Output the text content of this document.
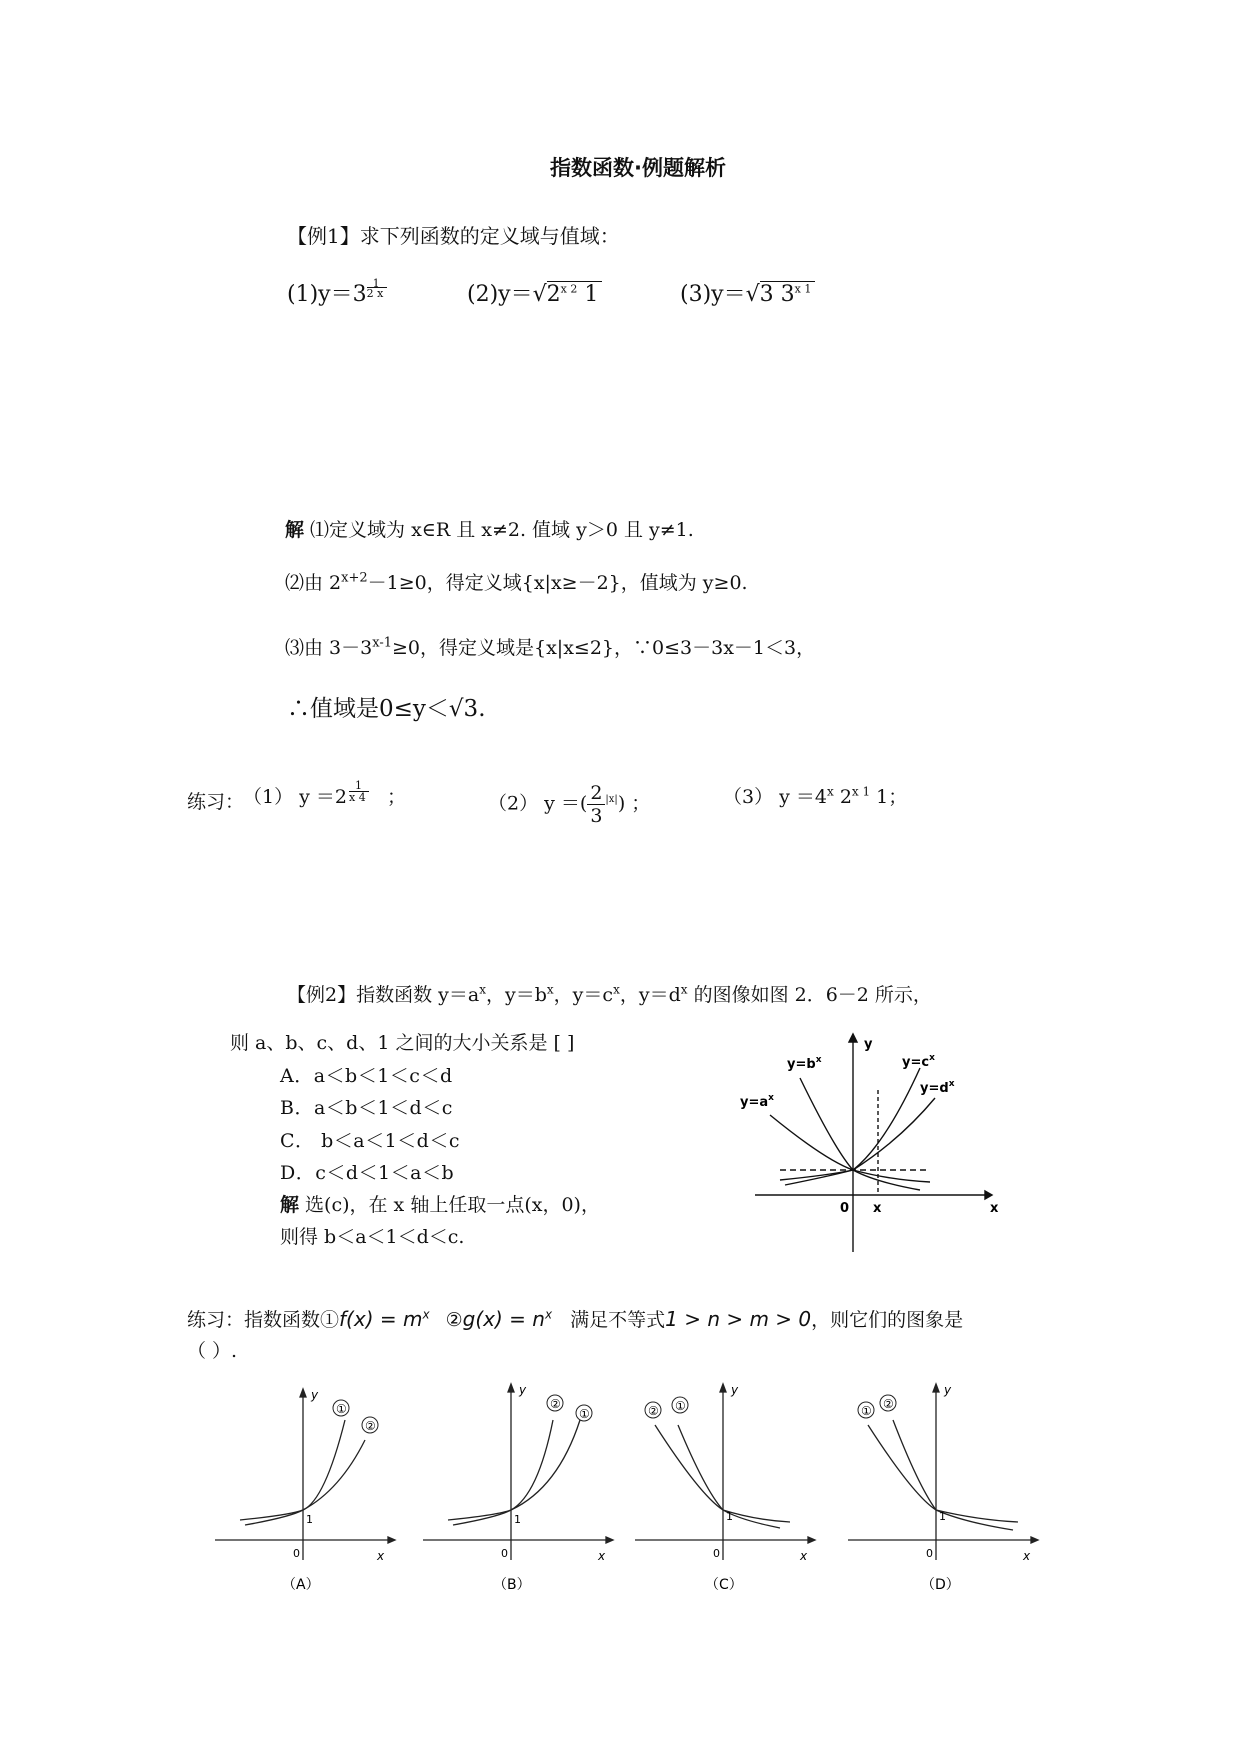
指数函数·例题解析
【例1】求下列函数的定义域与值域：
(1)y＝3
$\frac{1}{2 x}$
$(2)y=√2^{x 2}$ 1	(3)y＝√3 $3^{x 1}$
解 ⑴定义域为 x∈R 且 x≠2. 值域 y＞0 且 y≠1.
⑵由 $2^{x+2}-1\ge 0$，得定义域{x|x≥－2}，值域为 y≥0.
⑶由 $3-3^{x-1}\ge 0$，得定义域是{x|x≤2}，∵0≤3－3x－1＜3，
∴值域是0≤y＜√3.
练习：
（1） y ＝2
$\frac{1}{x 4}$
；	（2） y ＝( $\frac{2}{3} ^{|x|}$) ；	（3） $y =4^x$ $2^{x 1}$ 1；
【例2】指数函数 $y=a^x$，$y=b^x$，$y=c^x$，$y=d^x$ 的图像如图 2．6－2 所示，
则 a、b、c、d、1 之间的大小关系是 [ ]
A．a＜b＜1＜c＜d
B．a＜b＜1＜d＜c
C． b＜a＜1＜d＜c
D．c＜d＜1＜a＜b
解 选(c)，在 x 轴上任取一点(x，0)，
则得 b＜a＜1＜d＜c.
$y=b^x$	$y=c^x$
$y=a^x$
$y=d^x$
y
x
0 x
练习：指数函数①f(x) = $m^x$ ②g(x) = $n^x$ 满足不等式1 > n > m > 0，则它们的图象是
（ ）.
①
②
y
x
0
1
（A）
②
①
y
x
0
1
（B）
② ①
y
x
0
1
（C）
① ②
y
x
0
1
（D）
